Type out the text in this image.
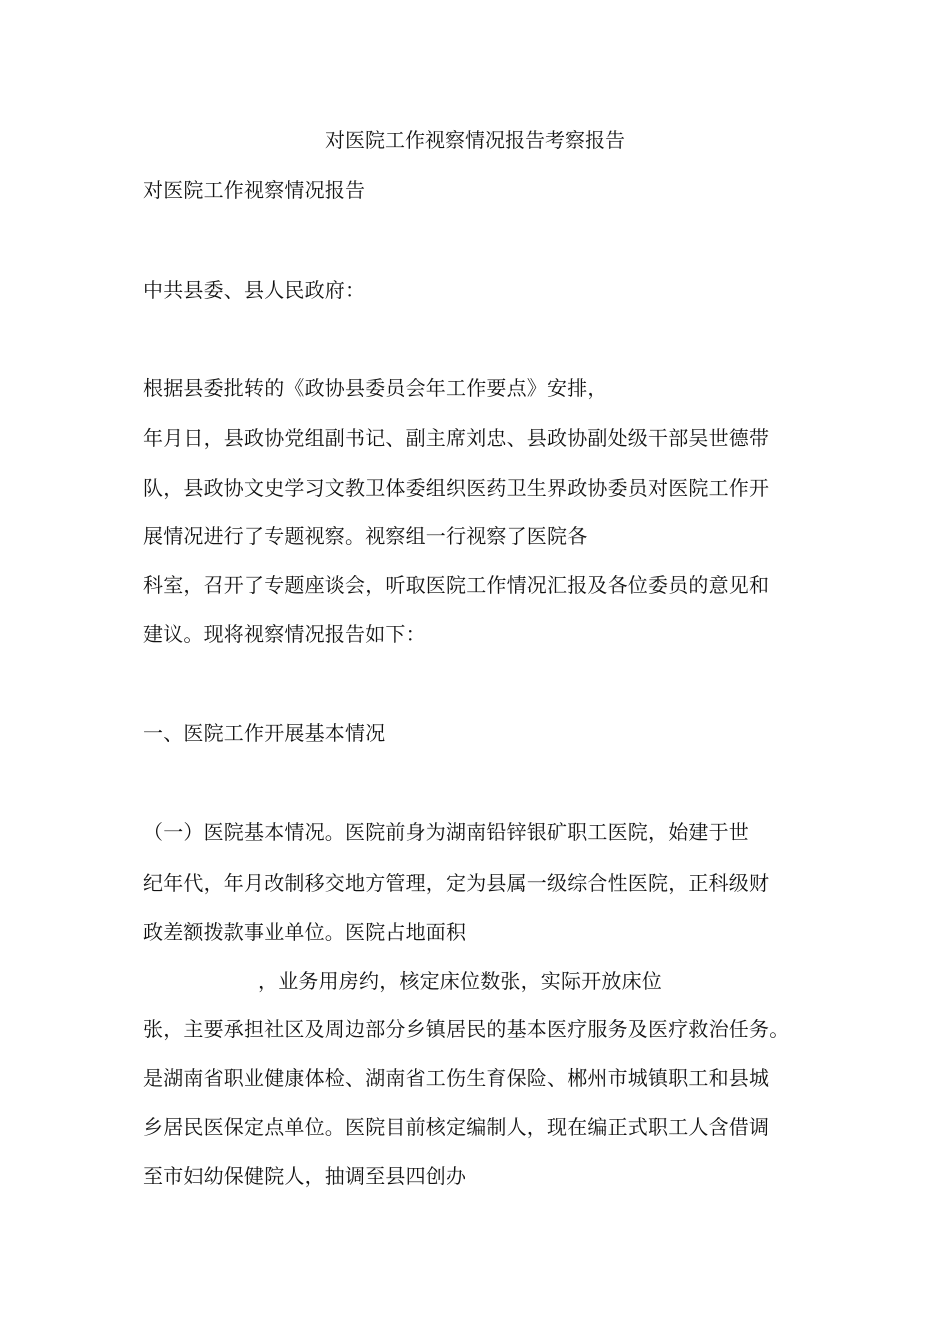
对医院工作视察情况报告考察报告
对医院工作视察情况报告
中共县委、县人民政府：
根据县委批转的《政协县委员会年工作要点》安排，
年月日，县政协党组副书记、副主席刘忠、县政协副处级干部吴世德带
队，县政协文史学习文教卫体委组织医药卫生界政协委员对医院工作开
展情况进行了专题视察。视察组一行视察了医院各
科室，召开了专题座谈会，听取医院工作情况汇报及各位委员的意见和
建议。现将视察情况报告如下：
一、医院工作开展基本情况
（一）医院基本情况。医院前身为湖南铅锌银矿职工医院，始建于世
纪年代，年月改制移交地方管理，定为县属一级综合性医院，正科级财
政差额拨款事业单位。医院占地面积
，业务用房约，核定床位数张，实际开放床位
张，主要承担社区及周边部分乡镇居民的基本医疗服务及医疗救治任务。
是湖南省职业健康体检、湖南省工伤生育保险、郴州市城镇职工和县城
乡居民医保定点单位。医院目前核定编制人，现在编正式职工人含借调
至市妇幼保健院人，抽调至县四创办
